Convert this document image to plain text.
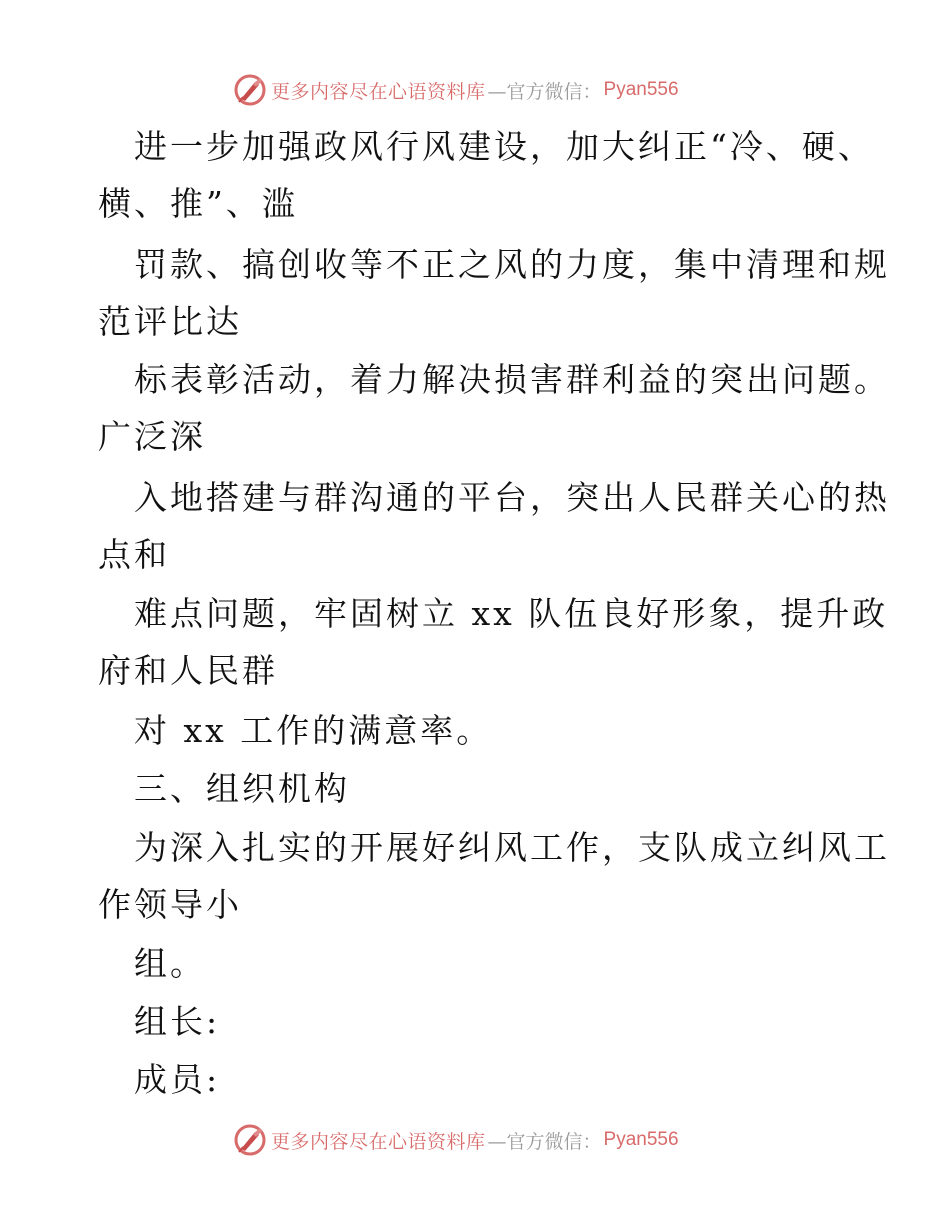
更多内容尽在心语资料库 —官方微信： Pyan556
进一步加强政风行风建设，加大纠正“冷、硬、
横、推”、滥
罚款、搞创收等不正之风的力度，集中清理和规
范评比达
标表彰活动，着力解决损害群利益的突出问题。
广泛深
入地搭建与群沟通的平台，突出人民群关心的热
点和
难点问题，牢固树立 xx 队伍良好形象，提升政
府和人民群
对 xx 工作的满意率。
三、组织机构
为深入扎实的开展好纠风工作，支队成立纠风工
作领导小
组。
组长:
成员:
更多内容尽在心语资料库 —官方微信： Pyan556
